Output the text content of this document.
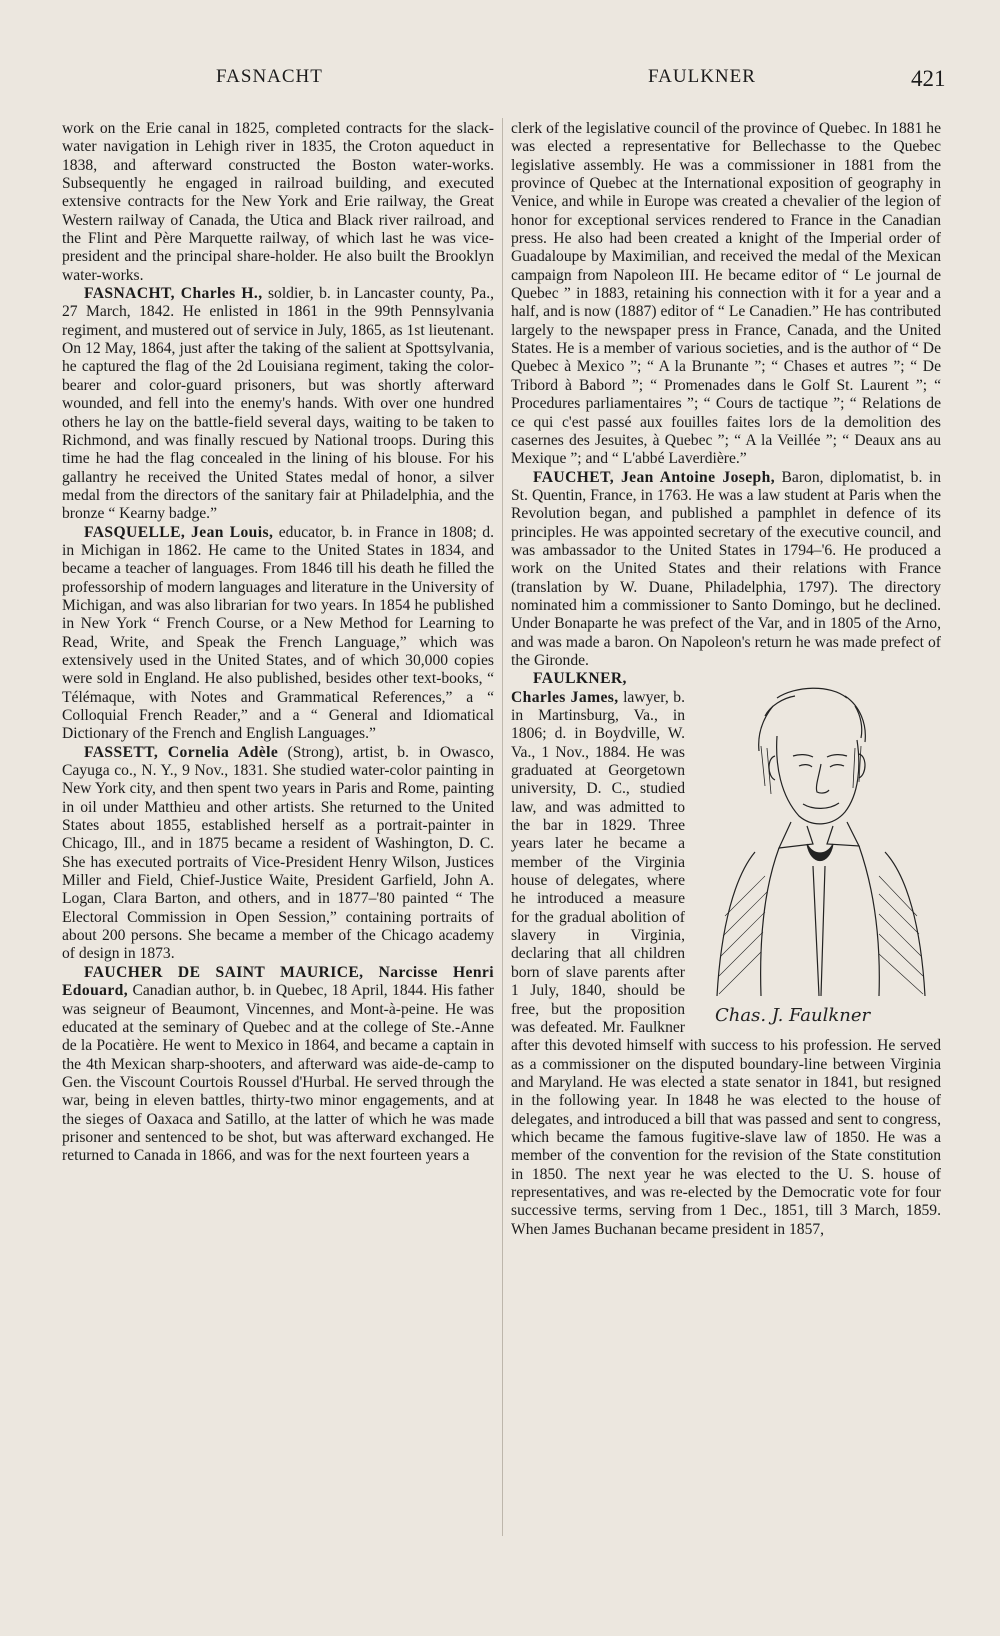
FASNACHT	FAULKNER	421

work on the Erie canal in 1825, completed contracts for the slack-water navigation in Lehigh river in 1835, the Croton aqueduct in 1838, and afterward constructed the Boston water-works. Subsequently he engaged in railroad building, and executed extensive contracts for the New York and Erie railway, the Great Western railway of Canada, the Utica and Black river railroad, and the Flint and Père Marquette railway, of which last he was vice-president and the principal share-holder. He also built the Brooklyn water-works.

FASNACHT, Charles H., soldier, b. in Lancaster county, Pa., 27 March, 1842. He enlisted in 1861 in the 99th Pennsylvania regiment, and mustered out of service in July, 1865, as 1st lieutenant. On 12 May, 1864, just after the taking of the salient at Spottsylvania, he captured the flag of the 2d Louisiana regiment, taking the color-bearer and color-guard prisoners, but was shortly afterward wounded, and fell into the enemy's hands. With over one hundred others he lay on the battle-field several days, waiting to be taken to Richmond, and was finally rescued by National troops. During this time he had the flag concealed in the lining of his blouse. For his gallantry he received the United States medal of honor, a silver medal from the directors of the sanitary fair at Philadelphia, and the bronze “ Kearny badge.”

FASQUELLE, Jean Louis, educator, b. in France in 1808; d. in Michigan in 1862. He came to the United States in 1834, and became a teacher of languages. From 1846 till his death he filled the professorship of modern languages and literature in the University of Michigan, and was also librarian for two years. In 1854 he published in New York “ French Course, or a New Method for Learning to Read, Write, and Speak the French Language,” which was extensively used in the United States, and of which 30,000 copies were sold in England. He also published, besides other text-books, “ Télémaque, with Notes and Grammatical References,” a “ Colloquial French Reader,” and a “ General and Idiomatical Dictionary of the French and English Languages.”

FASSETT, Cornelia Adèle (Strong), artist, b. in Owasco, Cayuga co., N. Y., 9 Nov., 1831. She studied water-color painting in New York city, and then spent two years in Paris and Rome, painting in oil under Matthieu and other artists. She returned to the United States about 1855, established herself as a portrait-painter in Chicago, Ill., and in 1875 became a resident of Washington, D. C. She has executed portraits of Vice-President Henry Wilson, Justices Miller and Field, Chief-Justice Waite, President Garfield, John A. Logan, Clara Barton, and others, and in 1877–'80 painted “ The Electoral Commission in Open Session,” containing portraits of about 200 persons. She became a member of the Chicago academy of design in 1873.

FAUCHER DE SAINT MAURICE, Narcisse Henri Edouard, Canadian author, b. in Quebec, 18 April, 1844. His father was seigneur of Beaumont, Vincennes, and Mont-à-peine. He was educated at the seminary of Quebec and at the college of Ste.-Anne de la Pocatière. He went to Mexico in 1864, and became a captain in the 4th Mexican sharp-shooters, and afterward was aide-de-camp to Gen. the Viscount Courtois Roussel d'Hurbal. He served through the war, being in eleven battles, thirty-two minor engagements, and at the sieges of Oaxaca and Satillo, at the latter of which he was made prisoner and sentenced to be shot, but was afterward exchanged. He returned to Canada in 1866, and was for the next fourteen years a

clerk of the legislative council of the province of Quebec. In 1881 he was elected a representative for Bellechasse to the Quebec legislative assembly. He was a commissioner in 1881 from the province of Quebec at the International exposition of geography in Venice, and while in Europe was created a chevalier of the legion of honor for exceptional services rendered to France in the Canadian press. He also had been created a knight of the Imperial order of Guadaloupe by Maximilian, and received the medal of the Mexican campaign from Napoleon III. He became editor of “ Le journal de Quebec ” in 1883, retaining his connection with it for a year and a half, and is now (1887) editor of “ Le Canadien.” He has contributed largely to the newspaper press in France, Canada, and the United States. He is a member of various societies, and is the author of “ De Quebec à Mexico ”; “ A la Brunante ”; “ Chases et autres ”; “ De Tribord à Babord ”; “ Promenades dans le Golf St. Laurent ”; “ Procedures parliamentaires ”; “ Cours de tactique ”; “ Relations de ce qui c'est passé aux fouilles faites lors de la demolition des casernes des Jesuites, à Quebec ”; “ A la Veillée ”; “ Deaux ans au Mexique ”; and “ L'abbé Laverdière.”

FAUCHET, Jean Antoine Joseph, Baron, diplomatist, b. in St. Quentin, France, in 1763. He was a law student at Paris when the Revolution began, and published a pamphlet in defence of its principles. He was appointed secretary of the executive council, and was ambassador to the United States in 1794–'6. He produced a work on the United States and their relations with France (translation by W. Duane, Philadelphia, 1797). The directory nominated him a commissioner to Santo Domingo, but he declined. Under Bonaparte he was prefect of the Var, and in 1805 of the Arno, and was made a baron. On Napoleon's return he was made prefect of the Gironde.

Chas. J. Faulkner
FAULKNER, Charles James, lawyer, b. in Martinsburg, Va., in 1806; d. in Boydville, W. Va., 1 Nov., 1884. He was graduated at Georgetown university, D. C., studied law, and was admitted to the bar in 1829. Three years later he became a member of the Virginia house of delegates, where he introduced a measure for the gradual abolition of slavery in Virginia, declaring that all children born of slave parents after 1 July, 1840, should be free, but the proposition was defeated. Mr. Faulkner after this devoted himself with success to his profession. He served as a commissioner on the disputed boundary-line between Virginia and Maryland. He was elected a state senator in 1841, but resigned in the following year. In 1848 he was elected to the house of delegates, and introduced a bill that was passed and sent to congress, which became the famous fugitive-slave law of 1850. He was a member of the convention for the revision of the State constitution in 1850. The next year he was elected to the U. S. house of representatives, and was re-elected by the Democratic vote for four successive terms, serving from 1 Dec., 1851, till 3 March, 1859. When James Buchanan became president in 1857,
